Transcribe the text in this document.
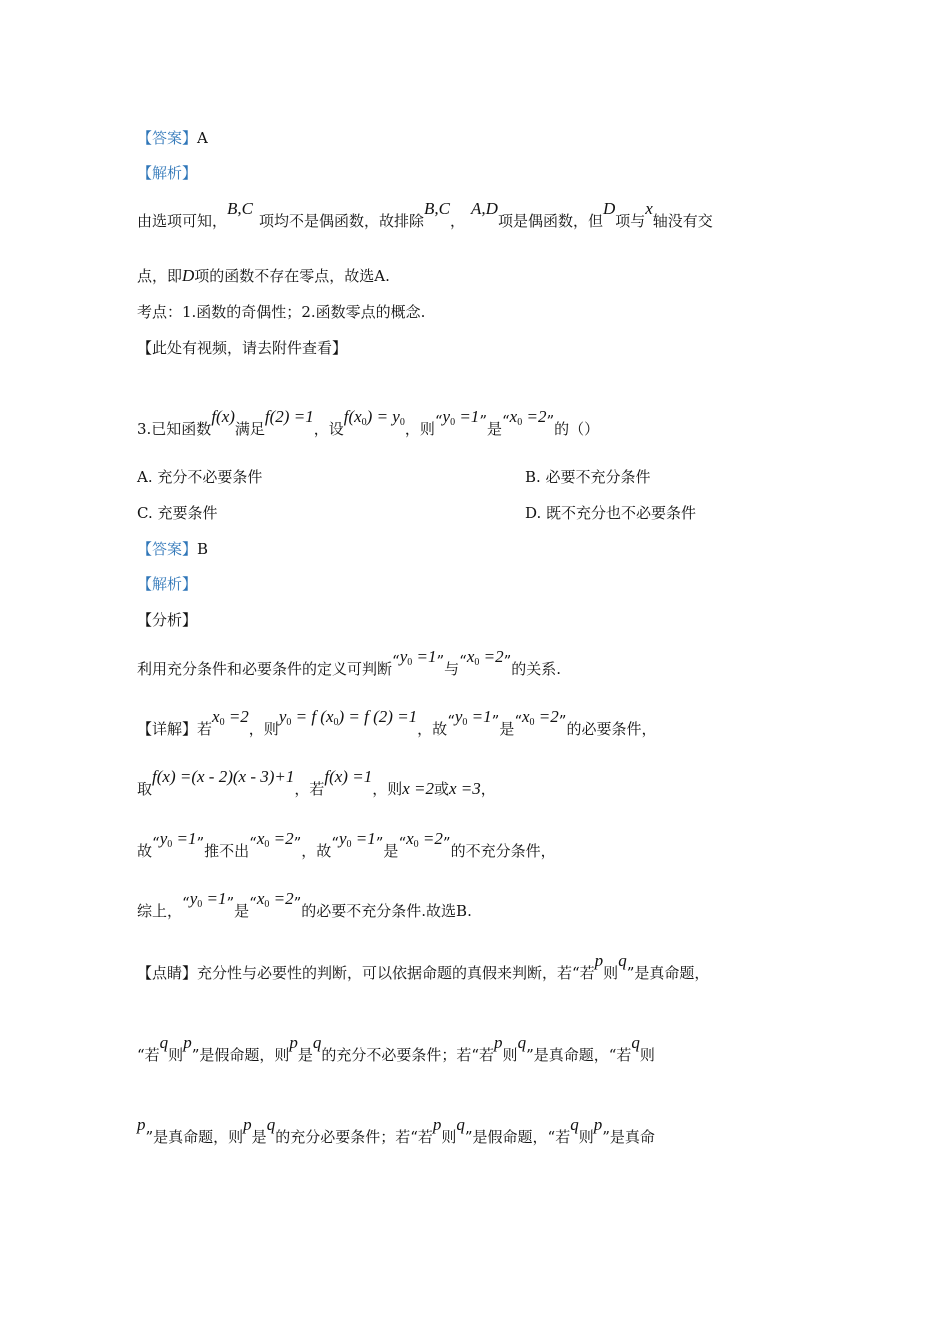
【答案】A
【解析】
由选项可知，B,C项均不是偶函数，故排除B,C，A,D项是偶函数，但D项与x轴没有交
点，即D项的函数不存在零点，故选A.
考点：1.函数的奇偶性；2.函数零点的概念.
【此处有视频，请去附件查看】
3.已知函数f(x)满足f(2) =1，设$f(x_0) = y_0$，则“$y_0 =1$”是“$x_0 =2$”的（）
A. 充分不必要条件	B. 必要不充分条件
C. 充要条件	D. 既不充分也不必要条件
【答案】B
【解析】
【分析】
利用充分条件和必要条件的定义可判断“$y_0 =1$”与“$x_0 =2$”的关系.
【详解】若$x_0 =2$，则$y_0 = f$ $(x_0) = f$ (2) =1，故“$y_0 =1$”是“$x_0 =2$”的必要条件，
取f(x) =(x - 2)(x - 3)+1，若f(x) =1，则x =2或x =3，
故“$y_0 =1$”推不出“$x_0 =2$”，故“$y_0 =1$”是“$x_0 =2$”的不充分条件，
综上，“$y_0 =1$”是“$x_0 =2$”的必要不充分条件.故选B.
【点睛】充分性与必要性的判断，可以依据命题的真假来判断，若“若p则q”是真命题，
“若q则p”是假命题，则p是q的充分不必要条件；若“若p则q”是真命题，“若q则
p”是真命题，则p是q的充分必要条件；若“若p则q”是假命题，“若q则p”是真命
